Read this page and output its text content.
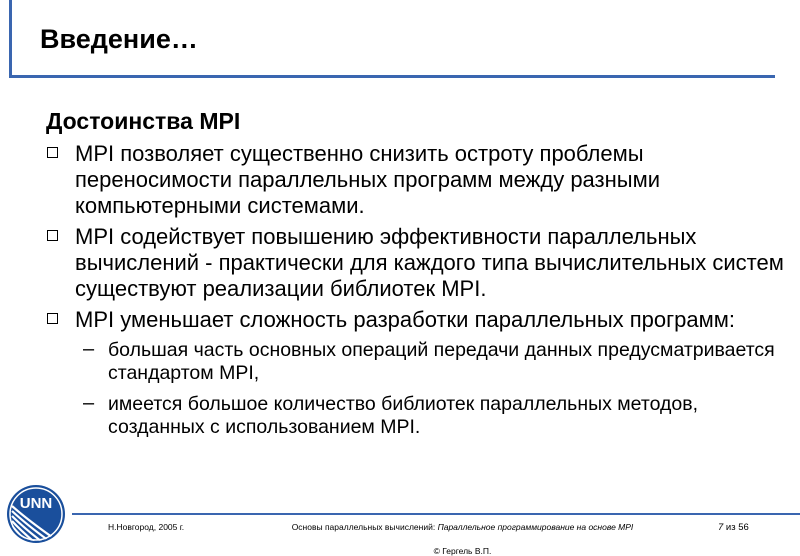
Введение…
Достоинства MPI
MPI позволяет существенно снизить остроту проблемы переносимости параллельных программ между разными компьютерными системами.
MPI содействует повышению эффективности параллельных вычислений - практически для каждого типа вычислительных систем существуют реализации библиотек MPI.
MPI уменьшает сложность разработки параллельных программ:
– большая часть основных операций передачи данных предусматривается стандартом MPI,
– имеется большое количество библиотек параллельных методов, созданных с использованием MPI.
UNN
Н.Новгород, 2005 г.	Основы параллельных вычислений: Параллельное программирование на основе MPI
© Гергель В.П.
7 из 56
